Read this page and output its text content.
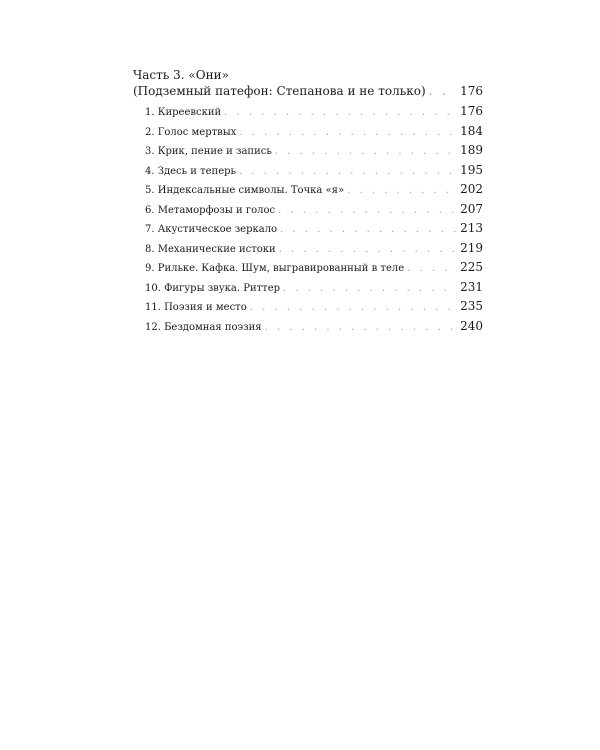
Часть 3. «Они»
(Подземный патефон: Степанова и не только) . . .	176
1. Киреевский . . .	176
2. Голос мертвых . . .	184
3. Крик, пение и запись . . .	189
4. Здесь и теперь . . .	195
5. Индексальные символы. Точка «я» . . .	202
6. Метаморфозы и голос . . .	207
7. Акустическое зеркало . . .	213
8. Механические истоки . . .	219
9. Рильке. Кафка. Шум, выгравированный в теле . . .	225
10. Фигуры звука. Риттер . . .	231
11. Поэзия и место . . .	235
12. Бездомная поэзия . . .	240
